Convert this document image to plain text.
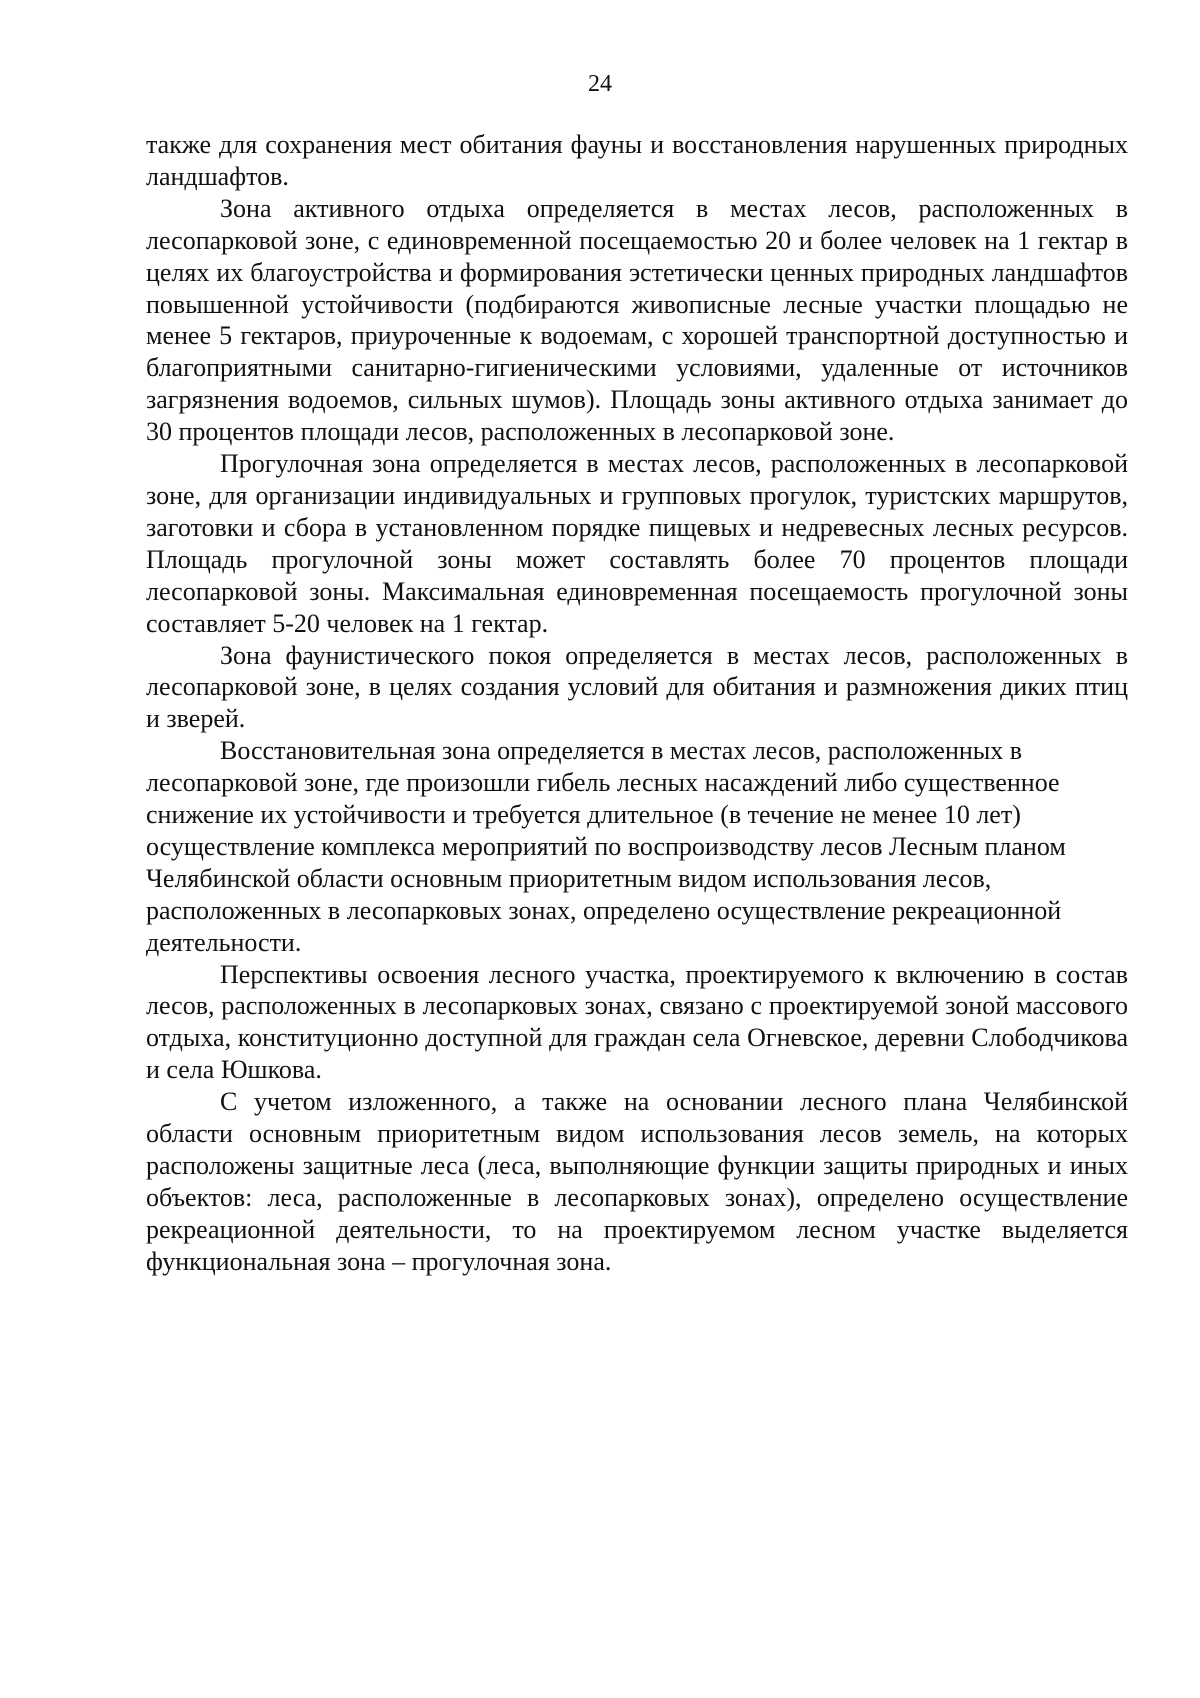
24

также для сохранения мест обитания фауны и восстановления нарушенных природных ландшафтов.

Зона активного отдыха определяется в местах лесов, расположенных в лесопарковой зоне, с единовременной посещаемостью 20 и более человек на 1 гектар в целях их благоустройства и формирования эстетически ценных природных ландшафтов повышенной устойчивости (подбираются живописные лесные участки площадью не менее 5 гектаров, приуроченные к водоемам, с хорошей транспортной доступностью и благоприятными санитарно-гигиеническими условиями, удаленные от источников загрязнения водоемов, сильных шумов). Площадь зоны активного отдыха занимает до 30 процентов площади лесов, расположенных в лесопарковой зоне.

Прогулочная зона определяется в местах лесов, расположенных в лесопарковой зоне, для организации индивидуальных и групповых прогулок, туристских маршрутов, заготовки и сбора в установленном порядке пищевых и недревесных лесных ресурсов. Площадь прогулочной зоны может составлять более 70 процентов площади лесопарковой зоны. Максимальная единовременная посещаемость прогулочной зоны составляет 5-20 человек на 1 гектар.

Зона фаунистического покоя определяется в местах лесов, расположенных в лесопарковой зоне, в целях создания условий для обитания и размножения диких птиц и зверей.

Восстановительная зона определяется в местах лесов, расположенных в лесопарковой зоне, где произошли гибель лесных насаждений либо существенное снижение их устойчивости и требуется длительное (в течение не менее 10 лет) осуществление комплекса мероприятий по воспроизводству лесов Лесным планом Челябинской области основным приоритетным видом использования лесов, расположенных в лесопарковых зонах, определено осуществление рекреационной деятельности.

Перспективы освоения лесного участка, проектируемого к включению в состав лесов, расположенных в лесопарковых зонах, связано с проектируемой зоной массового отдыха, конституционно доступной для граждан села Огневское, деревни Слободчикова и села Юшкова.

С учетом изложенного, а также на основании лесного плана Челябинской области основным приоритетным видом использования лесов земель, на которых расположены защитные леса (леса, выполняющие функции защиты природных и иных объектов: леса, расположенные в лесопарковых зонах), определено осуществление рекреационной деятельности, то на проектируемом лесном участке выделяется функциональная зона – прогулочная зона.
